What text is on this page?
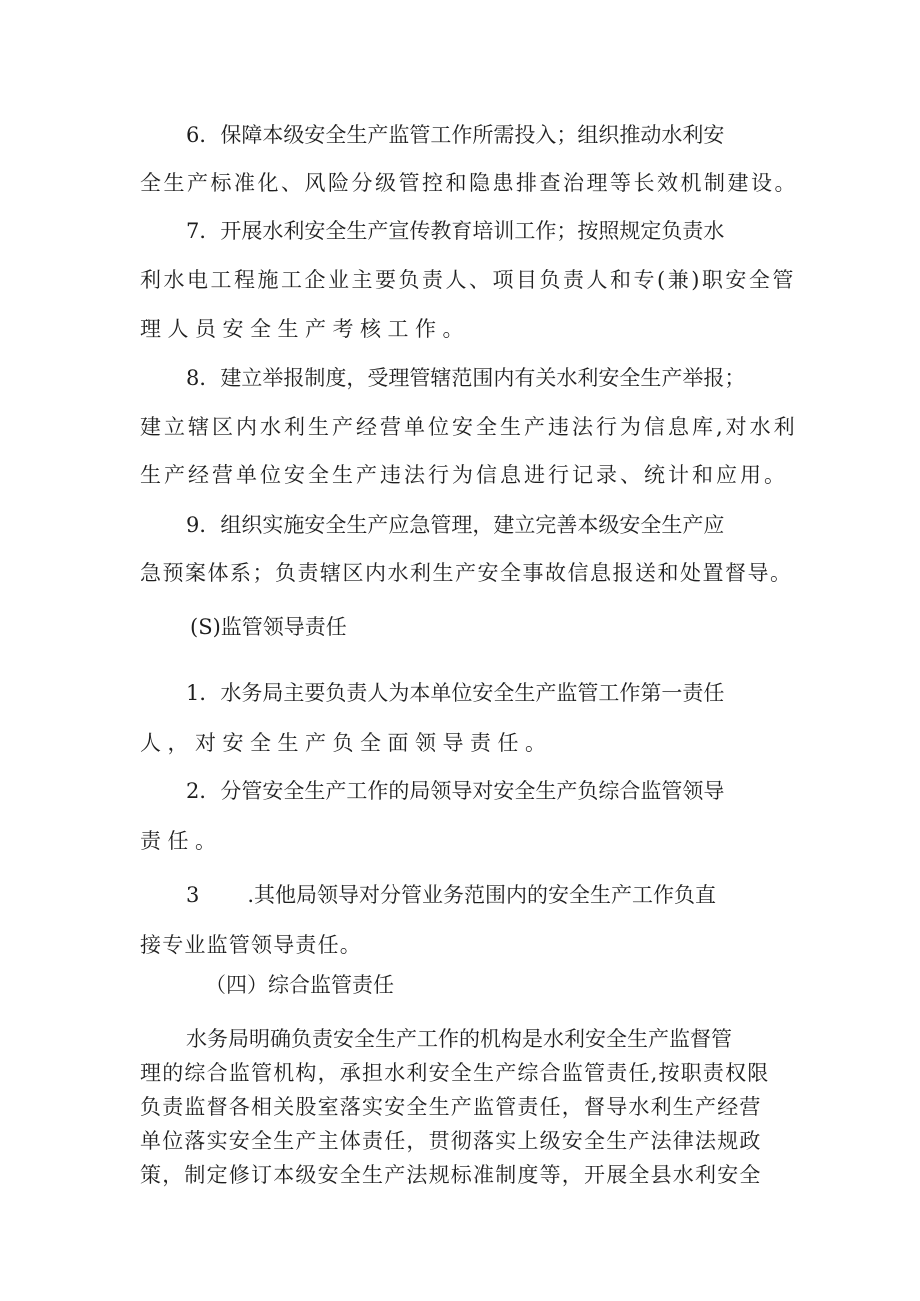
6．保障本级安全生产监管工作所需投入；组织推动水利安
全生产标准化、风险分级管控和隐患排查治理等长效机制建设。
7．开展水利安全生产宣传教育培训工作；按照规定负责水
利水电工程施工企业主要负责人、项目负责人和专(兼)职安全管
理人员安全生产考核工作。
8．建立举报制度，受理管辖范围内有关水利安全生产举报；
建立辖区内水利生产经营单位安全生产违法行为信息库,对水利
生产经营单位安全生产违法行为信息进行记录、统计和应用。
9．组织实施安全生产应急管理，建立完善本级安全生产应
急预案体系；负责辖区内水利生产安全事故信息报送和处置督导。
(S)监管领导责任
1．水务局主要负责人为本单位安全生产监管工作第一责任
人，对安全生产负全面领导责任。
2．分管安全生产工作的局领导对安全生产负综合监管领导
责任。
3 .其他局领导对分管业务范围内的安全生产工作负直
接专业监管领导责任。
（四）综合监管责任
水务局明确负责安全生产工作的机构是水利安全生产监督管
理的综合监管机构，承担水利安全生产综合监管责任,按职责权限
负责监督各相关股室落实安全生产监管责任，督导水利生产经营
单位落实安全生产主体责任，贯彻落实上级安全生产法律法规政
策，制定修订本级安全生产法规标准制度等，开展全县水利安全
